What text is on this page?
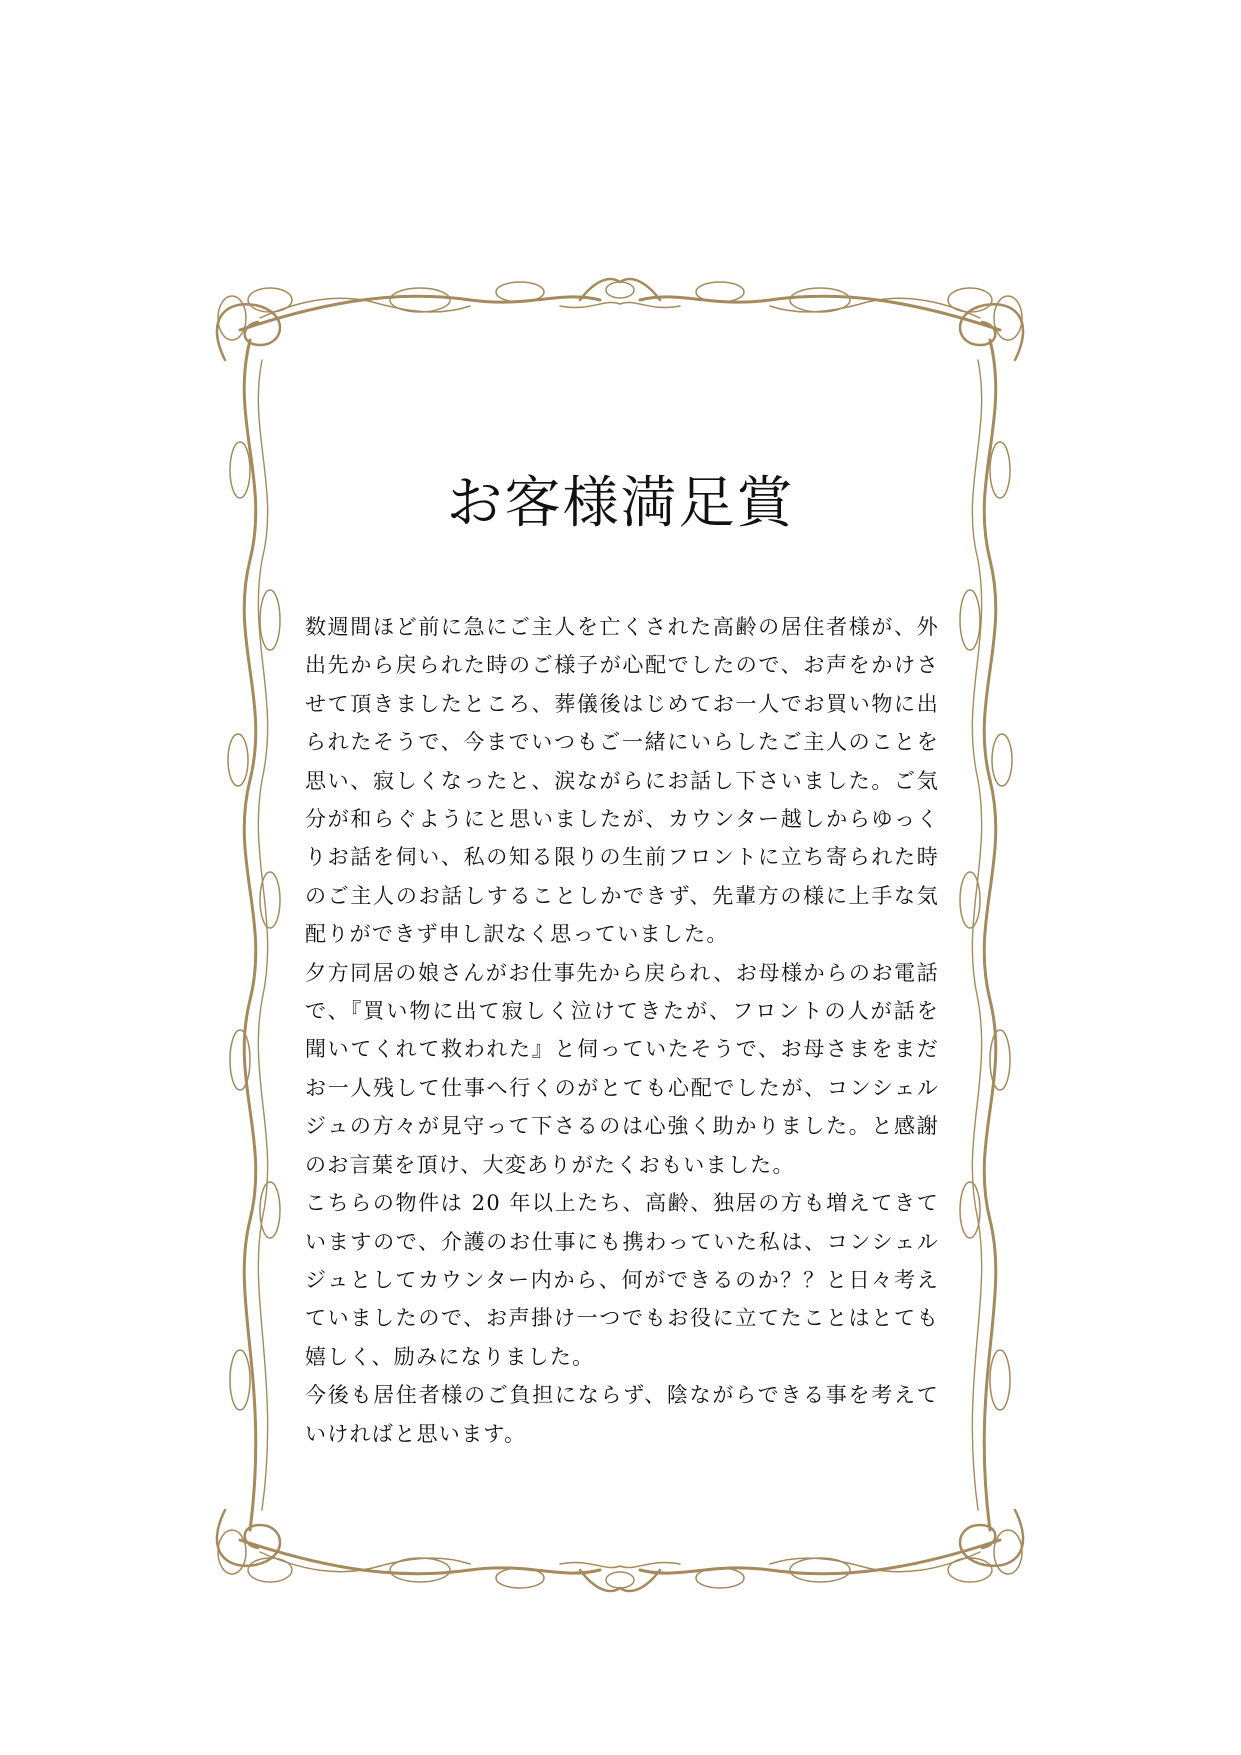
お客様満足賞

数週間ほど前に急にご主人を亡くされた高齢の居住者様が、外出先から戻られた時のご様子が心配でしたので、お声をかけさせて頂きましたところ、葬儀後はじめてお一人でお買い物に出られたそうで、今までいつもご一緒にいらしたご主人のことを思い、寂しくなったと、涙ながらにお話し下さいました。ご気分が和らぐようにと思いましたが、カウンター越しからゆっくりお話を伺い、私の知る限りの生前フロントに立ち寄られた時のご主人のお話しすることしかできず、先輩方の様に上手な気配りができず申し訳なく思っていました。

夕方同居の娘さんがお仕事先から戻られ、お母様からのお電話で、『買い物に出て寂しく泣けてきたが、フロントの人が話を聞いてくれて救われた』と伺っていたそうで、お母さまをまだお一人残して仕事へ行くのがとても心配でしたが、コンシェルジュの方々が見守って下さるのは心強く助かりました。と感謝のお言葉を頂け、大変ありがたくおもいました。

こちらの物件は 20 年以上たち、高齢、独居の方も増えてきていますので、介護のお仕事にも携わっていた私は、コンシェルジュとしてカウンター内から、何ができるのか？？と日々考えていましたので、お声掛け一つでもお役に立てたことはとても嬉しく、励みになりました。

今後も居住者様のご負担にならず、陰ながらできる事を考えていければと思います。
